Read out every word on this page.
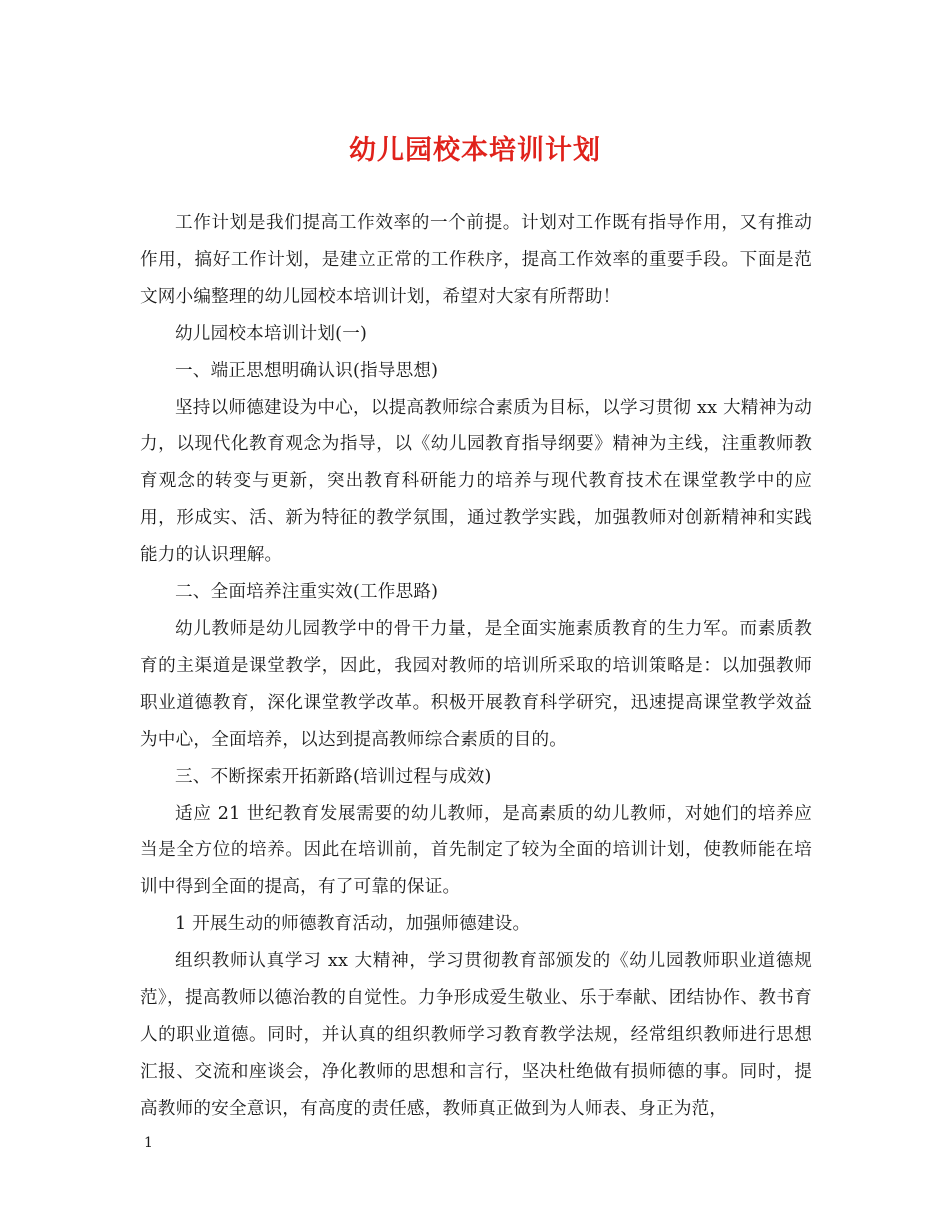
幼儿园校本培训计划

工作计划是我们提高工作效率的一个前提。计划对工作既有指导作用，又有推动作用，搞好工作计划，是建立正常的工作秩序，提高工作效率的重要手段。下面是范文网小编整理的幼儿园校本培训计划，希望对大家有所帮助！

幼儿园校本培训计划(一)

一、端正思想明确认识(指导思想)

坚持以师德建设为中心，以提高教师综合素质为目标，以学习贯彻 xx 大精神为动力，以现代化教育观念为指导，以《幼儿园教育指导纲要》精神为主线，注重教师教育观念的转变与更新，突出教育科研能力的培养与现代教育技术在课堂教学中的应用，形成实、活、新为特征的教学氛围，通过教学实践，加强教师对创新精神和实践能力的认识理解。

二、全面培养注重实效(工作思路)

幼儿教师是幼儿园教学中的骨干力量，是全面实施素质教育的生力军。而素质教育的主渠道是课堂教学，因此，我园对教师的培训所采取的培训策略是：以加强教师职业道德教育，深化课堂教学改革。积极开展教育科学研究，迅速提高课堂教学效益为中心，全面培养，以达到提高教师综合素质的目的。

三、不断探索开拓新路(培训过程与成效)

适应 21 世纪教育发展需要的幼儿教师，是高素质的幼儿教师，对她们的培养应当是全方位的培养。因此在培训前，首先制定了较为全面的培训计划，使教师能在培训中得到全面的提高，有了可靠的保证。

1 开展生动的师德教育活动，加强师德建设。

组织教师认真学习 xx 大精神，学习贯彻教育部颁发的《幼儿园教师职业道德规范》，提高教师以德治教的自觉性。力争形成爱生敬业、乐于奉献、团结协作、教书育人的职业道德。同时，并认真的组织教师学习教育教学法规，经常组织教师进行思想汇报、交流和座谈会，净化教师的思想和言行，坚决杜绝做有损师德的事。同时，提高教师的安全意识，有高度的责任感，教师真正做到为人师表、身正为范，

1
